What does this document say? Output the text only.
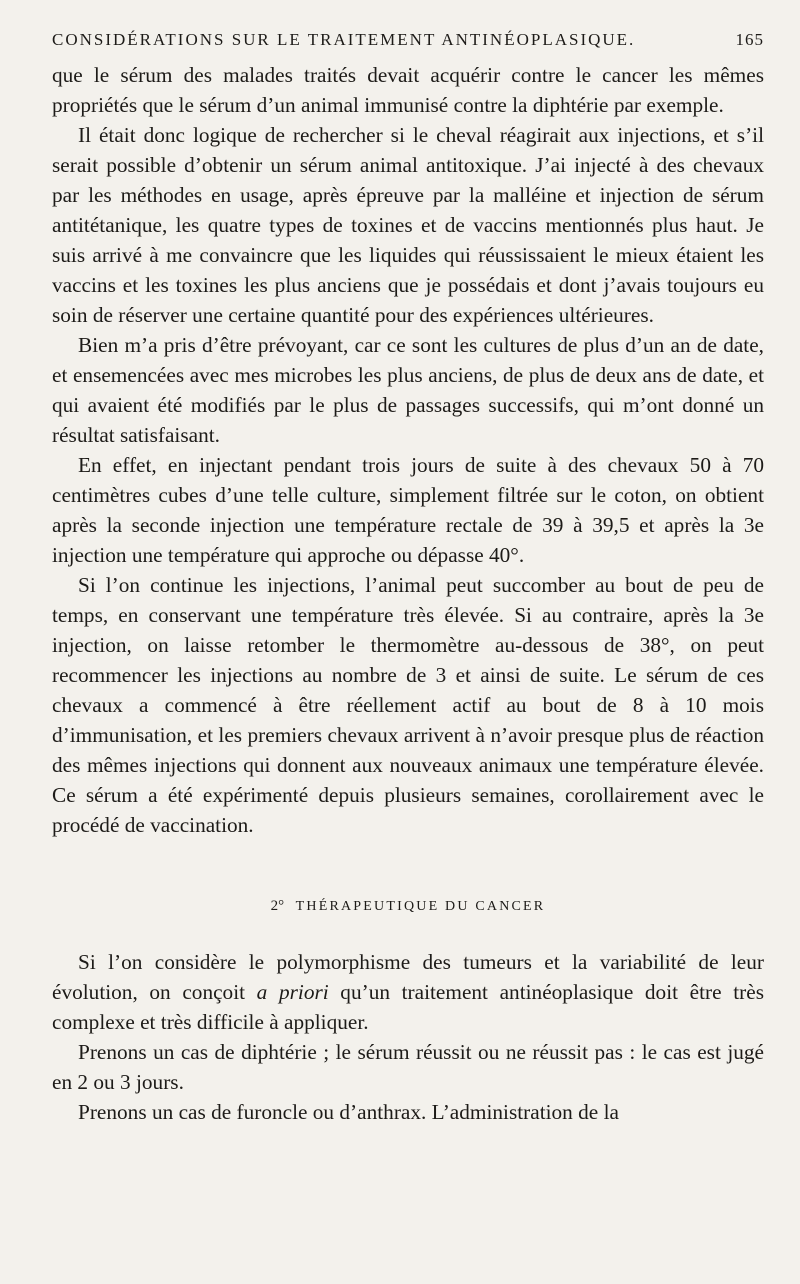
CONSIDÉRATIONS SUR LE TRAITEMENT ANTINÉOPLASIQUE.	165

que le sérum des malades traités devait acquérir contre le cancer les mêmes propriétés que le sérum d’un animal immunisé contre la diphtérie par exemple.

Il était donc logique de rechercher si le cheval réagirait aux injections, et s’il serait possible d’obtenir un sérum animal antitoxique. J’ai injecté à des chevaux par les méthodes en usage, après épreuve par la malléine et injection de sérum antitétanique, les quatre types de toxines et de vaccins mentionnés plus haut. Je suis arrivé à me convaincre que les liquides qui réussissaient le mieux étaient les vaccins et les toxines les plus anciens que je possédais et dont j’avais toujours eu soin de réserver une certaine quantité pour des expériences ultérieures.

Bien m’a pris d’être prévoyant, car ce sont les cultures de plus d’un an de date, et ensemencées avec mes microbes les plus anciens, de plus de deux ans de date, et qui avaient été modifiés par le plus de passages successifs, qui m’ont donné un résultat satisfaisant.

En effet, en injectant pendant trois jours de suite à des chevaux 50 à 70 centimètres cubes d’une telle culture, simplement filtrée sur le coton, on obtient après la seconde injection une température rectale de 39 à 39,5 et après la 3e injection une température qui approche ou dépasse 40°.

Si l’on continue les injections, l’animal peut succomber au bout de peu de temps, en conservant une température très élevée. Si au contraire, après la 3e injection, on laisse retomber le thermomètre au-dessous de 38°, on peut recommencer les injections au nombre de 3 et ainsi de suite. Le sérum de ces chevaux a commencé à être réellement actif au bout de 8 à 10 mois d’immunisation, et les premiers chevaux arrivent à n’avoir presque plus de réaction des mêmes injections qui donnent aux nouveaux animaux une température élevée. Ce sérum a été expérimenté depuis plusieurs semaines, corollairement avec le procédé de vaccination.

2° THÉRAPEUTIQUE DU CANCER

Si l’on considère le polymorphisme des tumeurs et la variabilité de leur évolution, on conçoit a priori qu’un traitement antinéoplasique doit être très complexe et très difficile à appliquer.

Prenons un cas de diphtérie ; le sérum réussit ou ne réussit pas : le cas est jugé en 2 ou 3 jours.

Prenons un cas de furoncle ou d’anthrax. L’administration de la
